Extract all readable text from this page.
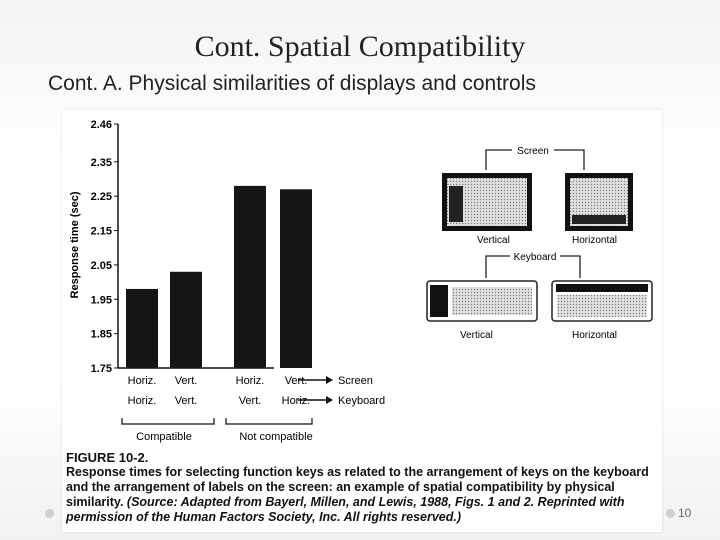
Cont. Spatial Compatibility
Cont. A. Physical similarities of displays and controls
Response time (sec)
2.46
2.35
2.25
2.15
2.05
1.95
1.85
1.75
Horiz.
Horiz.
Vert.
Vert.
Horiz.
Vert.
Vert.
Horiz.
Screen
Keyboard
Compatible	Not compatible
Screen
Vertical	Horizontal
Keyboard
Vertical	Horizontal
FIGURE 10-2.
Response times for selecting function keys as related to the arrangement of keys on the keyboard and the arrangement of labels on the screen: an example of spatial compatibility by physical similarity. (Source: Adapted from Bayerl, Millen, and Lewis, 1988, Figs. 1 and 2. Reprinted with permission of the Human Factors Society, Inc. All rights reserved.)	10
